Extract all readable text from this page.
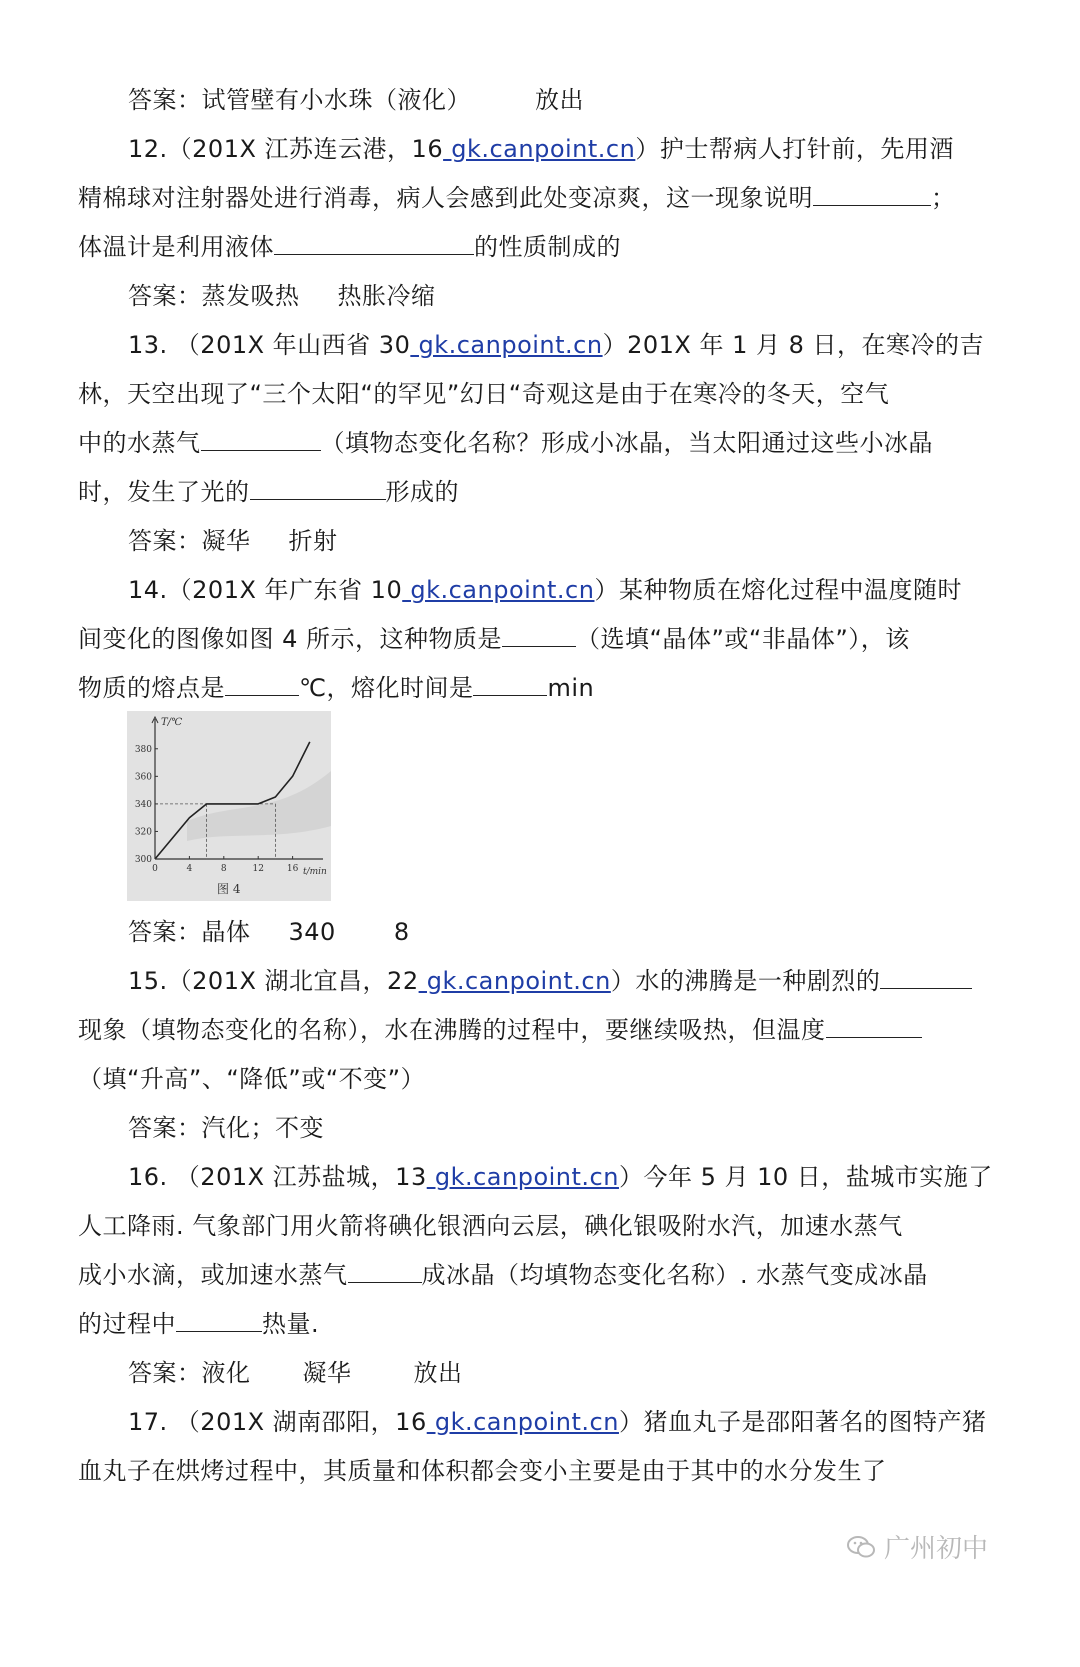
答案：试管壁有小水珠（液化）	放出
12.（201X 江苏连云港，16 gk.canpoint.cn）护士帮病人打针前，先用酒
精棉球对注射器处进行消毒，病人会感到此处变凉爽，这一现象说明	；
体温计是利用液体	的性质制成的
答案：蒸发吸热 热胀冷缩
13. （201X 年山西省 30 gk.canpoint.cn）201X 年 1 月 8 日，在寒冷的吉
林，天空出现了“三个太阳“的罕见”幻日“奇观这是由于在寒冷的冬天，空气
中的水蒸气	（填物态变化名称？形成小冰晶，当太阳通过这些小冰晶
时，发生了光的	形成的
答案：凝华 折射
14.（201X 年广东省 10 gk.canpoint.cn）某种物质在熔化过程中温度随时
间变化的图像如图 4 所示，这种物质是	（选填“晶体”或“非晶体”），该
物质的熔点是	℃，熔化时间是	min
380
360
340
320
300
0	4	8	12	16
T/℃
t/min
图 4
答案：晶体 340 8
15.（201X 湖北宜昌，22 gk.canpoint.cn）水的沸腾是一种剧烈的
现象（填物态变化的名称），水在沸腾的过程中，要继续吸热，但温度
（填“升高”、“降低”或“不变”）
答案：汽化；不变
16. （201X 江苏盐城，13 gk.canpoint.cn）今年 5 月 10 日，盐城市实施了
人工降雨. 气象部门用火箭将碘化银洒向云层，碘化银吸附水汽，加速水蒸气
成小水滴，或加速水蒸气	成冰晶（均填物态变化名称）. 水蒸气变成冰晶
的过程中	热量.
答案：液化 凝华	放出
17. （201X 湖南邵阳，16 gk.canpoint.cn）猪血丸子是邵阳著名的图特产猪
血丸子在烘烤过程中，其质量和体积都会变小主要是由于其中的水分发生了
广州初中
